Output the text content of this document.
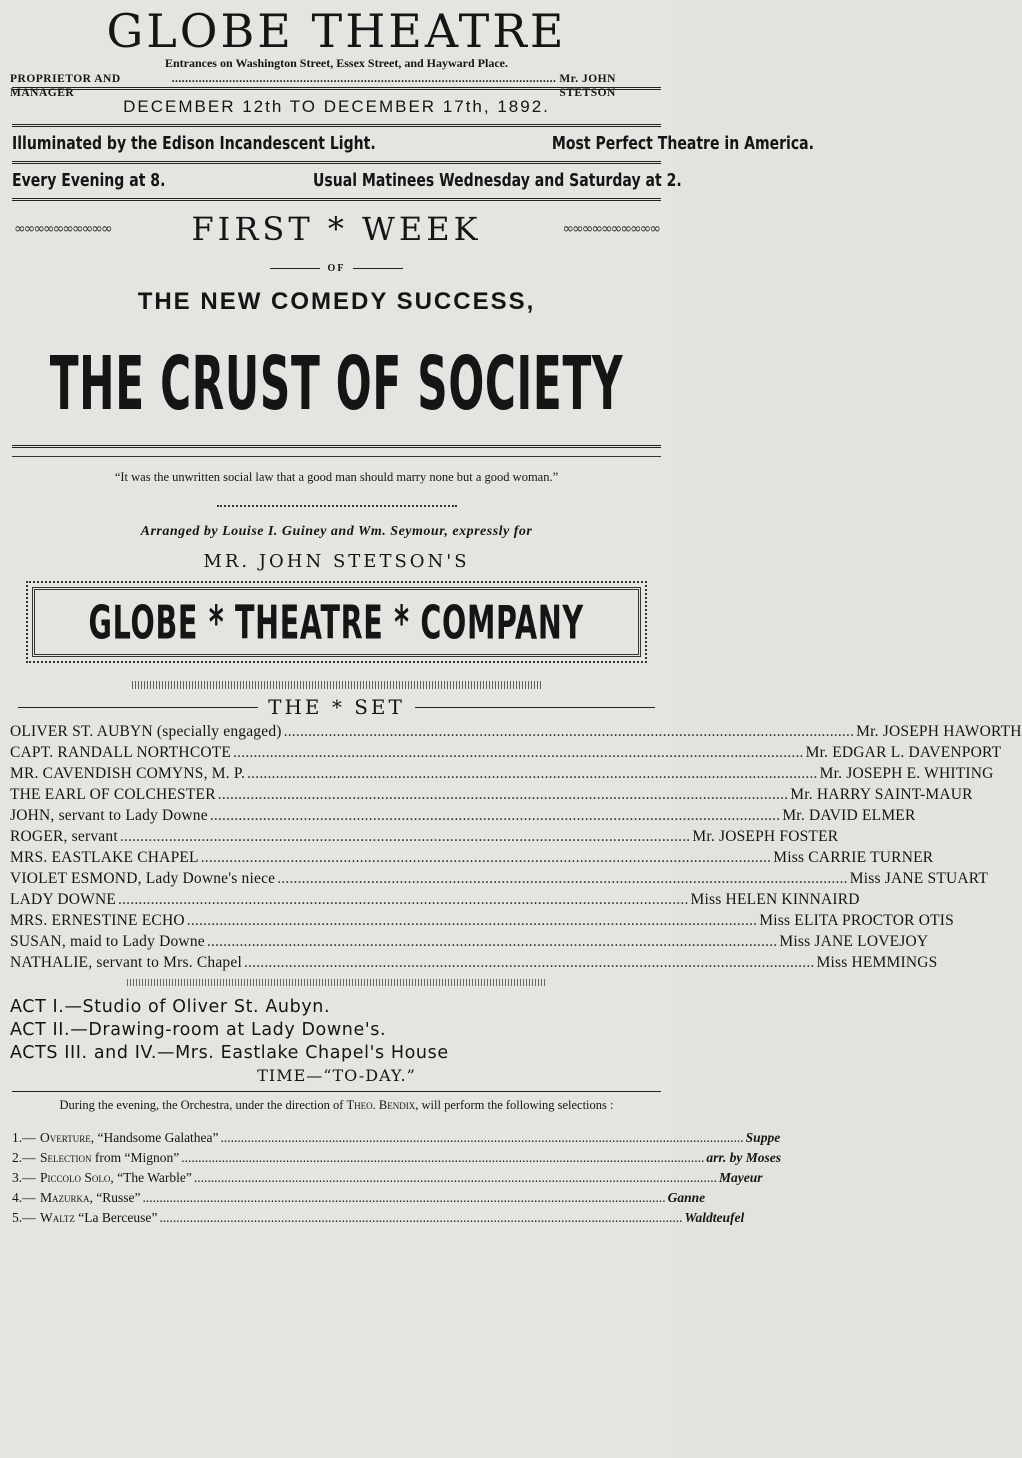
GLOBE THEATRE
Entrances on Washington Street, Essex Street, and Hayward Place.
PROPRIETOR AND MANAGER
.................................................................................................................. Mr. JOHN STETSON
DECEMBER 12th TO DECEMBER 17th, 1892.
Illuminated by the Edison Incandescent Light.	Most Perfect Theatre in America.
Every Evening at 8.	Usual Matinees Wednesday and Saturday at 2.
∞∞∞∞∞∞∞∞∞∞	FIRST * WEEK	∞∞∞∞∞∞∞∞∞∞
OF
THE NEW COMEDY SUCCESS,
THE CRUST OF SOCIETY
“It was the unwritten social law that a good man should marry none but a good woman.”
Arranged by Louise I. Guiney and Wm. Seymour, expressly for
MR. JOHN STETSON'S
GLOBE * THEATRE * COMPANY
THE * SET
OLIVER ST. AUBYN (specially engaged) .....	Mr. JOSEPH HAWORTH
CAPT. RANDALL NORTHCOTE .....	Mr. EDGAR L. DAVENPORT
MR. CAVENDISH COMYNS, M. P. .....	Mr. JOSEPH E. WHITING
THE EARL OF COLCHESTER .....	Mr. HARRY SAINT-MAUR
JOHN, servant to Lady Downe .....	Mr. DAVID ELMER
ROGER, servant .....	Mr. JOSEPH FOSTER
MRS. EASTLAKE CHAPEL .....	Miss CARRIE TURNER
VIOLET ESMOND, Lady Downe's niece .....	Miss JANE STUART
LADY DOWNE .....	Miss HELEN KINNAIRD
MRS. ERNESTINE ECHO .....	Miss ELITA PROCTOR OTIS
SUSAN, maid to Lady Downe .....	Miss JANE LOVEJOY
NATHALIE, servant to Mrs. Chapel .....	Miss HEMMINGS
ACT I.—Studio of Oliver St. Aubyn.
ACT II.—Drawing-room at Lady Downe's.
ACTS III. and IV.—Mrs. Eastlake Chapel's House
TIME—“TO-DAY.”
During the evening, the Orchestra, under the direction of Theo. Bendix, will perform the following selections :
1.— Overture, “Handsome Galathea” .....	Suppe
2.— Selection from “Mignon” .....	arr. by Moses
3.— Piccolo Solo, “The Warble” .....	Mayeur
4.— Mazurka, “Russe” .....	Ganne
5.— Waltz “La Berceuse” .....	Waldteufel
